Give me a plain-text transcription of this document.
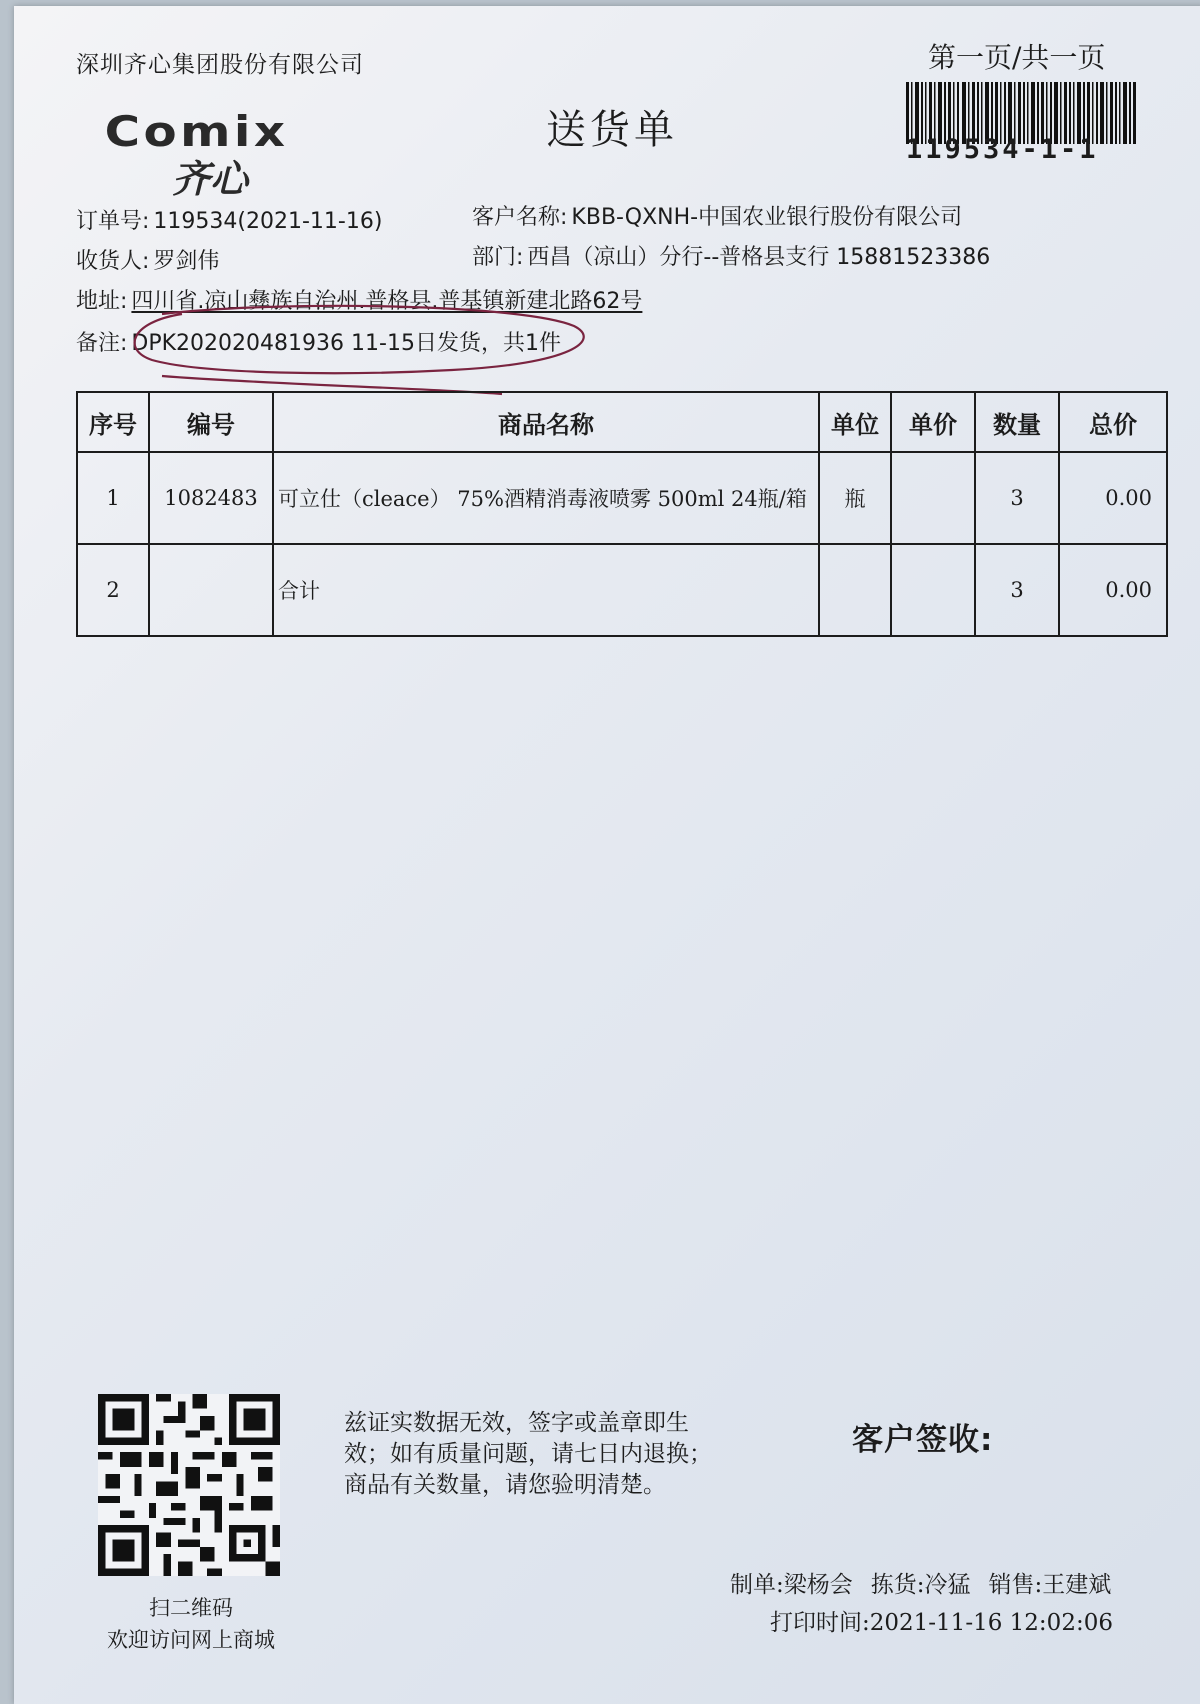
深圳齐心集团股份有限公司	第一页/共一页
119534-1-1
送货单
Comix
齐心
订单号: 119534(2021-11-16)	客户名称: KBB-QXNH-中国农业银行股份有限公司
收货人: 罗剑伟	部门: 西昌（凉山）分行--普格县支行 15881523386
地址: 四川省.凉山彝族自治州.普格县.普基镇新建北路62号
备注: DPK202020481936 11-15日发货，共1件
序号	编号	商品名称	单位	单价	数量	总价
1	1082483	可立仕（cleace） 75%酒精消毒液喷雾 500ml 24瓶/箱	瓶		3	0.00
2		合计			3	0.00
扫二维码
欢迎访问网上商城
兹证实数据无效，签字或盖章即生
效；如有质量问题，请七日内退换；
商品有关数量，请您验明清楚。
客户签收:
制单:梁杨会 拣货:冷猛 销售:王建斌
打印时间:2021-11-16 12:02:06
